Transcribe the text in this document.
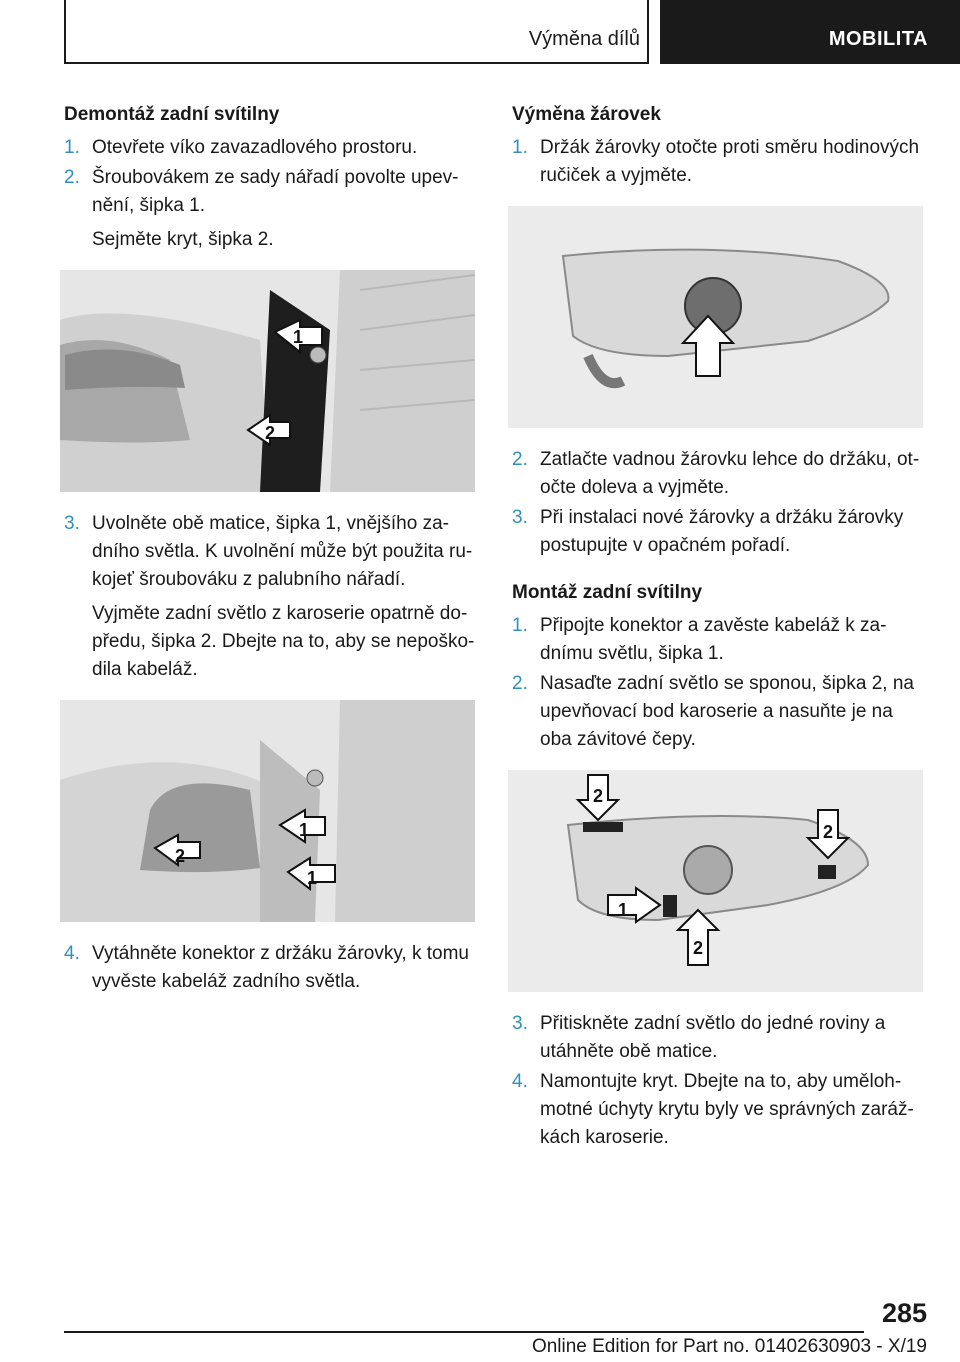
Výměna dílů	MOBILITA
Demontáž zadní svítilny
1. Otevřete víko zavazadlového prostoru.

2. Šroubovákem ze sady nářadí povolte upevnění, šipka 1.

Sejměte kryt, šipka 2.

1
2
3. Uvolněte obě matice, šipka 1, vnějšího zadního světla. K uvolnění může být použita rukojeť šroubováku z palubního nářadí.

Vyjměte zadní světlo z karoserie opatrně dopředu, šipka 2. Dbejte na to, aby se nepoškodila kabeláž.

1
1
2
4. Vytáhněte konektor z držáku žárovky, k tomu vyvěste kabeláž zadního světla.

Výměna žárovek
1. Držák žárovky otočte proti směru hodinových ručiček a vyjměte.

2. Zatlačte vadnou žárovku lehce do držáku, otočte doleva a vyjměte.

3. Při instalaci nové žárovky a držáku žárovky postupujte v opačném pořadí.

Montáž zadní svítilny
1. Připojte konektor a zavěste kabeláž k zadnímu světlu, šipka 1.

2. Nasaďte zadní světlo se sponou, šipka 2, na upevňovací bod karoserie a nasuňte je na oba závitové čepy.

2
2
1
2
3. Přitiskněte zadní světlo do jedné roviny a utáhněte obě matice.

4. Namontujte kryt. Dbejte na to, aby umělohmotné úchyty krytu byly ve správných zarážkách karoserie.

285
Online Edition for Part no. 01402630903 - X/19
